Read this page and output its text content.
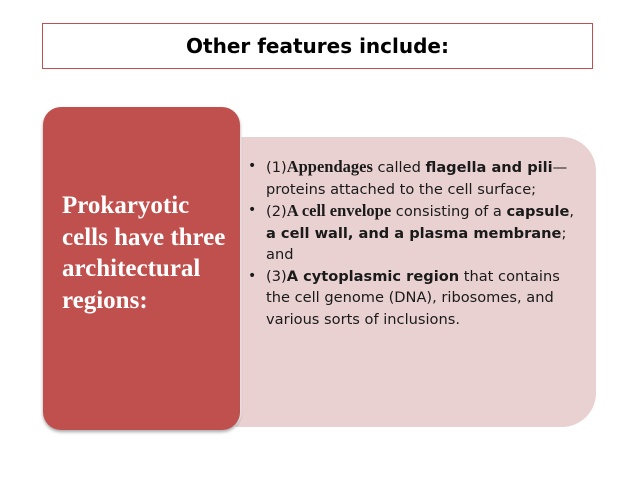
Other features include:
• (1)Appendages called flagella and pili—proteins attached to the cell surface;
• (2)A cell envelope consisting of a capsule, a cell wall, and a plasma membrane; and
• (3)A cytoplasmic region that contains the cell genome (DNA), ribosomes, and various sorts of inclusions.

Prokaryotic cells have three architectural regions:
